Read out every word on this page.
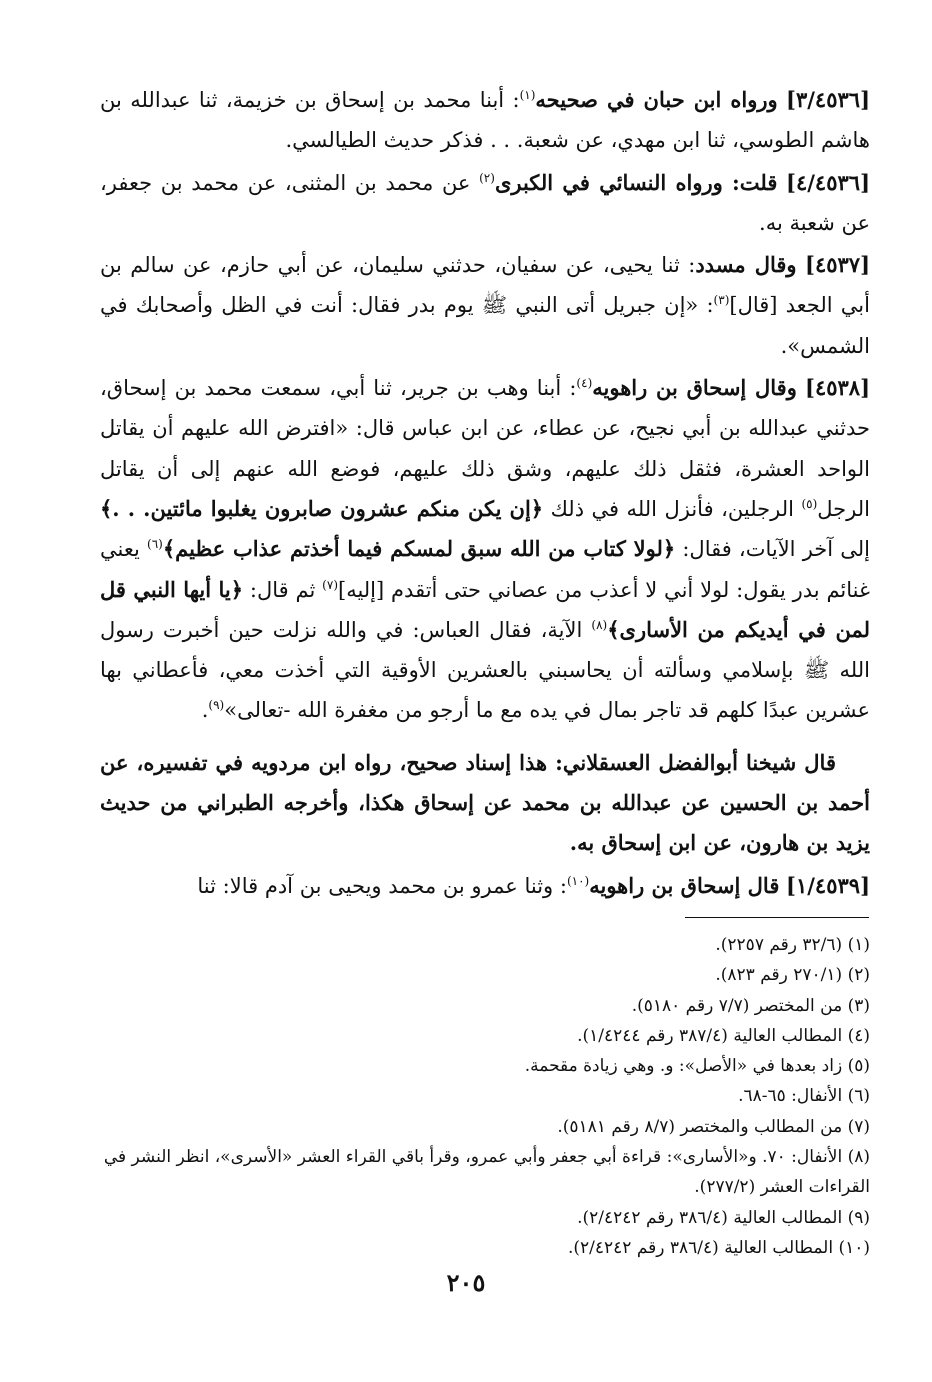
[٣/٤٥٣٦] ورواه ابن حبان في صحيحه$^{(١)}$: أبنا محمد بن إسحاق بن خزيمة، ثنا عبدالله بن هاشم الطوسي، ثنا ابن مهدي، عن شعبة. . . فذكر حديث الطيالسي.

[٤/٤٥٣٦] قلت: ورواه النسائي في الكبرى$^{(٢)}$ عن محمد بن المثنى، عن محمد بن جعفر، عن شعبة به.

[٤٥٣٧] وقال مسدد: ثنا يحيى، عن سفيان، حدثني سليمان، عن أبي حازم، عن سالم بن أبي الجعد [قال]$^{(٣)}$: «إن جبريل أتى النبي ﷺ يوم بدر فقال: أنت في الظل وأصحابك في الشمس».

[٤٥٣٨] وقال إسحاق بن راهويه$^{(٤)}$: أبنا وهب بن جرير، ثنا أبي، سمعت محمد بن إسحاق، حدثني عبدالله بن أبي نجيح، عن عطاء، عن ابن عباس قال: «افترض الله عليهم أن يقاتل الواحد العشرة، فثقل ذلك عليهم، وشق ذلك عليهم، فوضع الله عنهم إلى أن يقاتل الرجل$^{(٥)}$ الرجلين، فأنزل الله في ذلك ﴿إن يكن منكم عشرون صابرون يغلبوا مائتين. . .﴾ إلى آخر الآيات، فقال: ﴿لولا كتاب من الله سبق لمسكم فيما أخذتم عذاب عظيم﴾$^{(٦)}$ يعني غنائم بدر يقول: لولا أني لا أعذب من عصاني حتى أتقدم [إليه]$^{(٧)}$ ثم قال: ﴿يا أيها النبي قل لمن في أيديكم من الأسارى﴾$^{(٨)}$ الآية، فقال العباس: في والله نزلت حين أخبرت رسول الله ﷺ بإسلامي وسألته أن يحاسبني بالعشرين الأوقية التي أخذت معي، فأعطاني بها عشرين عبدًا كلهم قد تاجر بمال في يده مع ما أرجو من مغفرة الله -تعالى»$^{(٩)}$.

قال شيخنا أبوالفضل العسقلاني: هذا إسناد صحيح، رواه ابن مردويه في تفسيره، عن أحمد بن الحسين عن عبدالله بن محمد عن إسحاق هكذا، وأخرجه الطبراني من حديث يزيد بن هارون، عن ابن إسحاق به.

[١/٤٥٣٩] قال إسحاق بن راهويه$^{(١٠)}$: وثنا عمرو بن محمد ويحيى بن آدم قالا: ثنا

(١) (٣٢/٦ رقم ٢٢٥٧).

(٢) (٢٧٠/١ رقم ٨٢٣).

(٣) من المختصر (٧/٧ رقم ٥١٨٠).

(٤) المطالب العالية (٣٨٧/٤ رقم ١/٤٢٤٤).

(٥) زاد بعدها في «الأصل»: و. وهي زيادة مقحمة.

(٦) الأنفال: ٦٥-٦٨.

(٧) من المطالب والمختصر (٨/٧ رقم ٥١٨١).

(٨) الأنفال: ٧٠. و«الأسارى»: قراءة أبي جعفر وأبي عمرو، وقرأ باقي القراء العشر «الأسرى»، انظر النشر في القراءات العشر (٢٧٧/٢).

(٩) المطالب العالية (٣٨٦/٤ رقم ٢/٤٢٤٢).

(١٠) المطالب العالية (٣٨٦/٤ رقم ٢/٤٢٤٢).

٢٠٥
